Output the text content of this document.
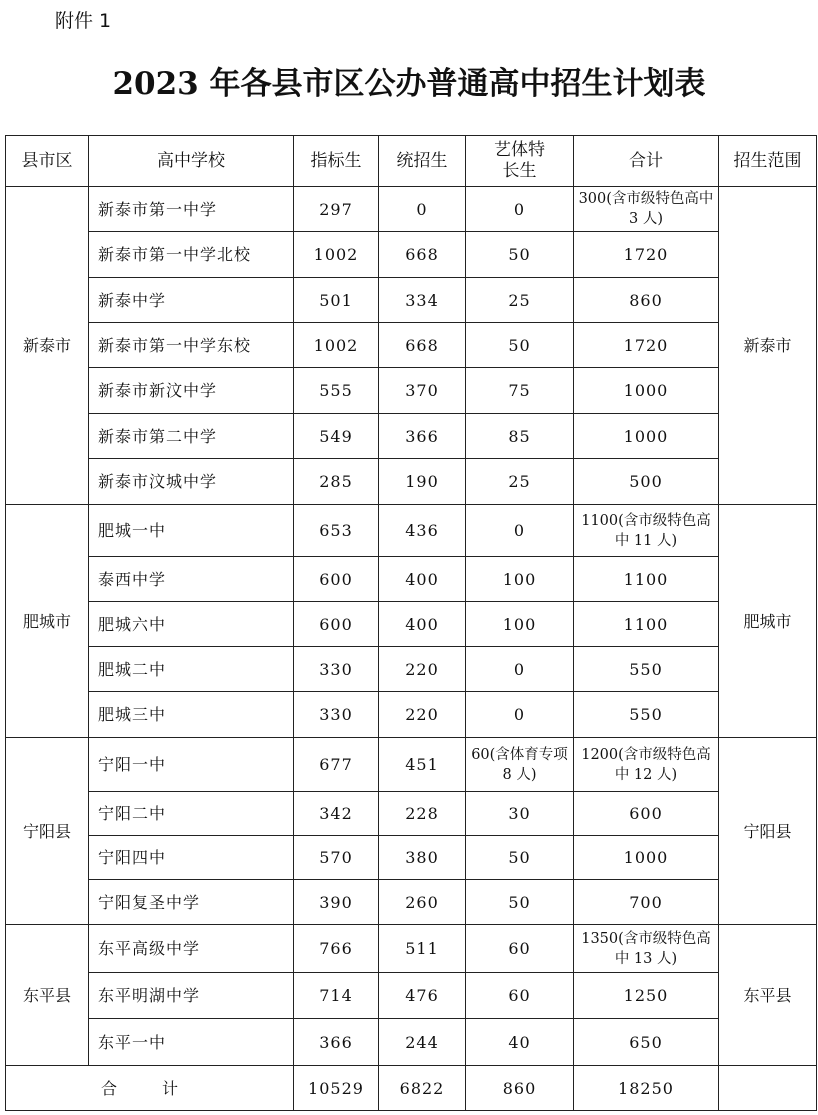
附件 1
2023 年各县市区公办普通高中招生计划表
县市区	高中学校	指标生	统招生	艺体特长生	合计	招生范围
新泰市	新泰市第一中学	297	0	0	300(含市级特色高中 3 人)	新泰市
	新泰市第一中学北校	1002	668	50	1720	
	新泰中学	501	334	25	860	
	新泰市第一中学东校	1002	668	50	1720	
	新泰市新汶中学	555	370	75	1000	
	新泰市第二中学	549	366	85	1000	
	新泰市汶城中学	285	190	25	500	
肥城市	肥城一中	653	436	0	1100(含市级特色高中 11 人)	肥城市
	泰西中学	600	400	100	1100	
	肥城六中	600	400	100	1100	
	肥城二中	330	220	0	550	
	肥城三中	330	220	0	550	
宁阳县	宁阳一中	677	451	60(含体育专项 8 人)	1200(含市级特色高中 12 人)	宁阳县
	宁阳二中	342	228	30	600	
	宁阳四中	570	380	50	1000	
	宁阳复圣中学	390	260	50	700	
东平县	东平高级中学	766	511	60	1350(含市级特色高中 13 人)	东平县
	东平明湖中学	714	476	60	1250	
	东平一中	366	244	40	650	
合 计		10529	6822	860	18250	
